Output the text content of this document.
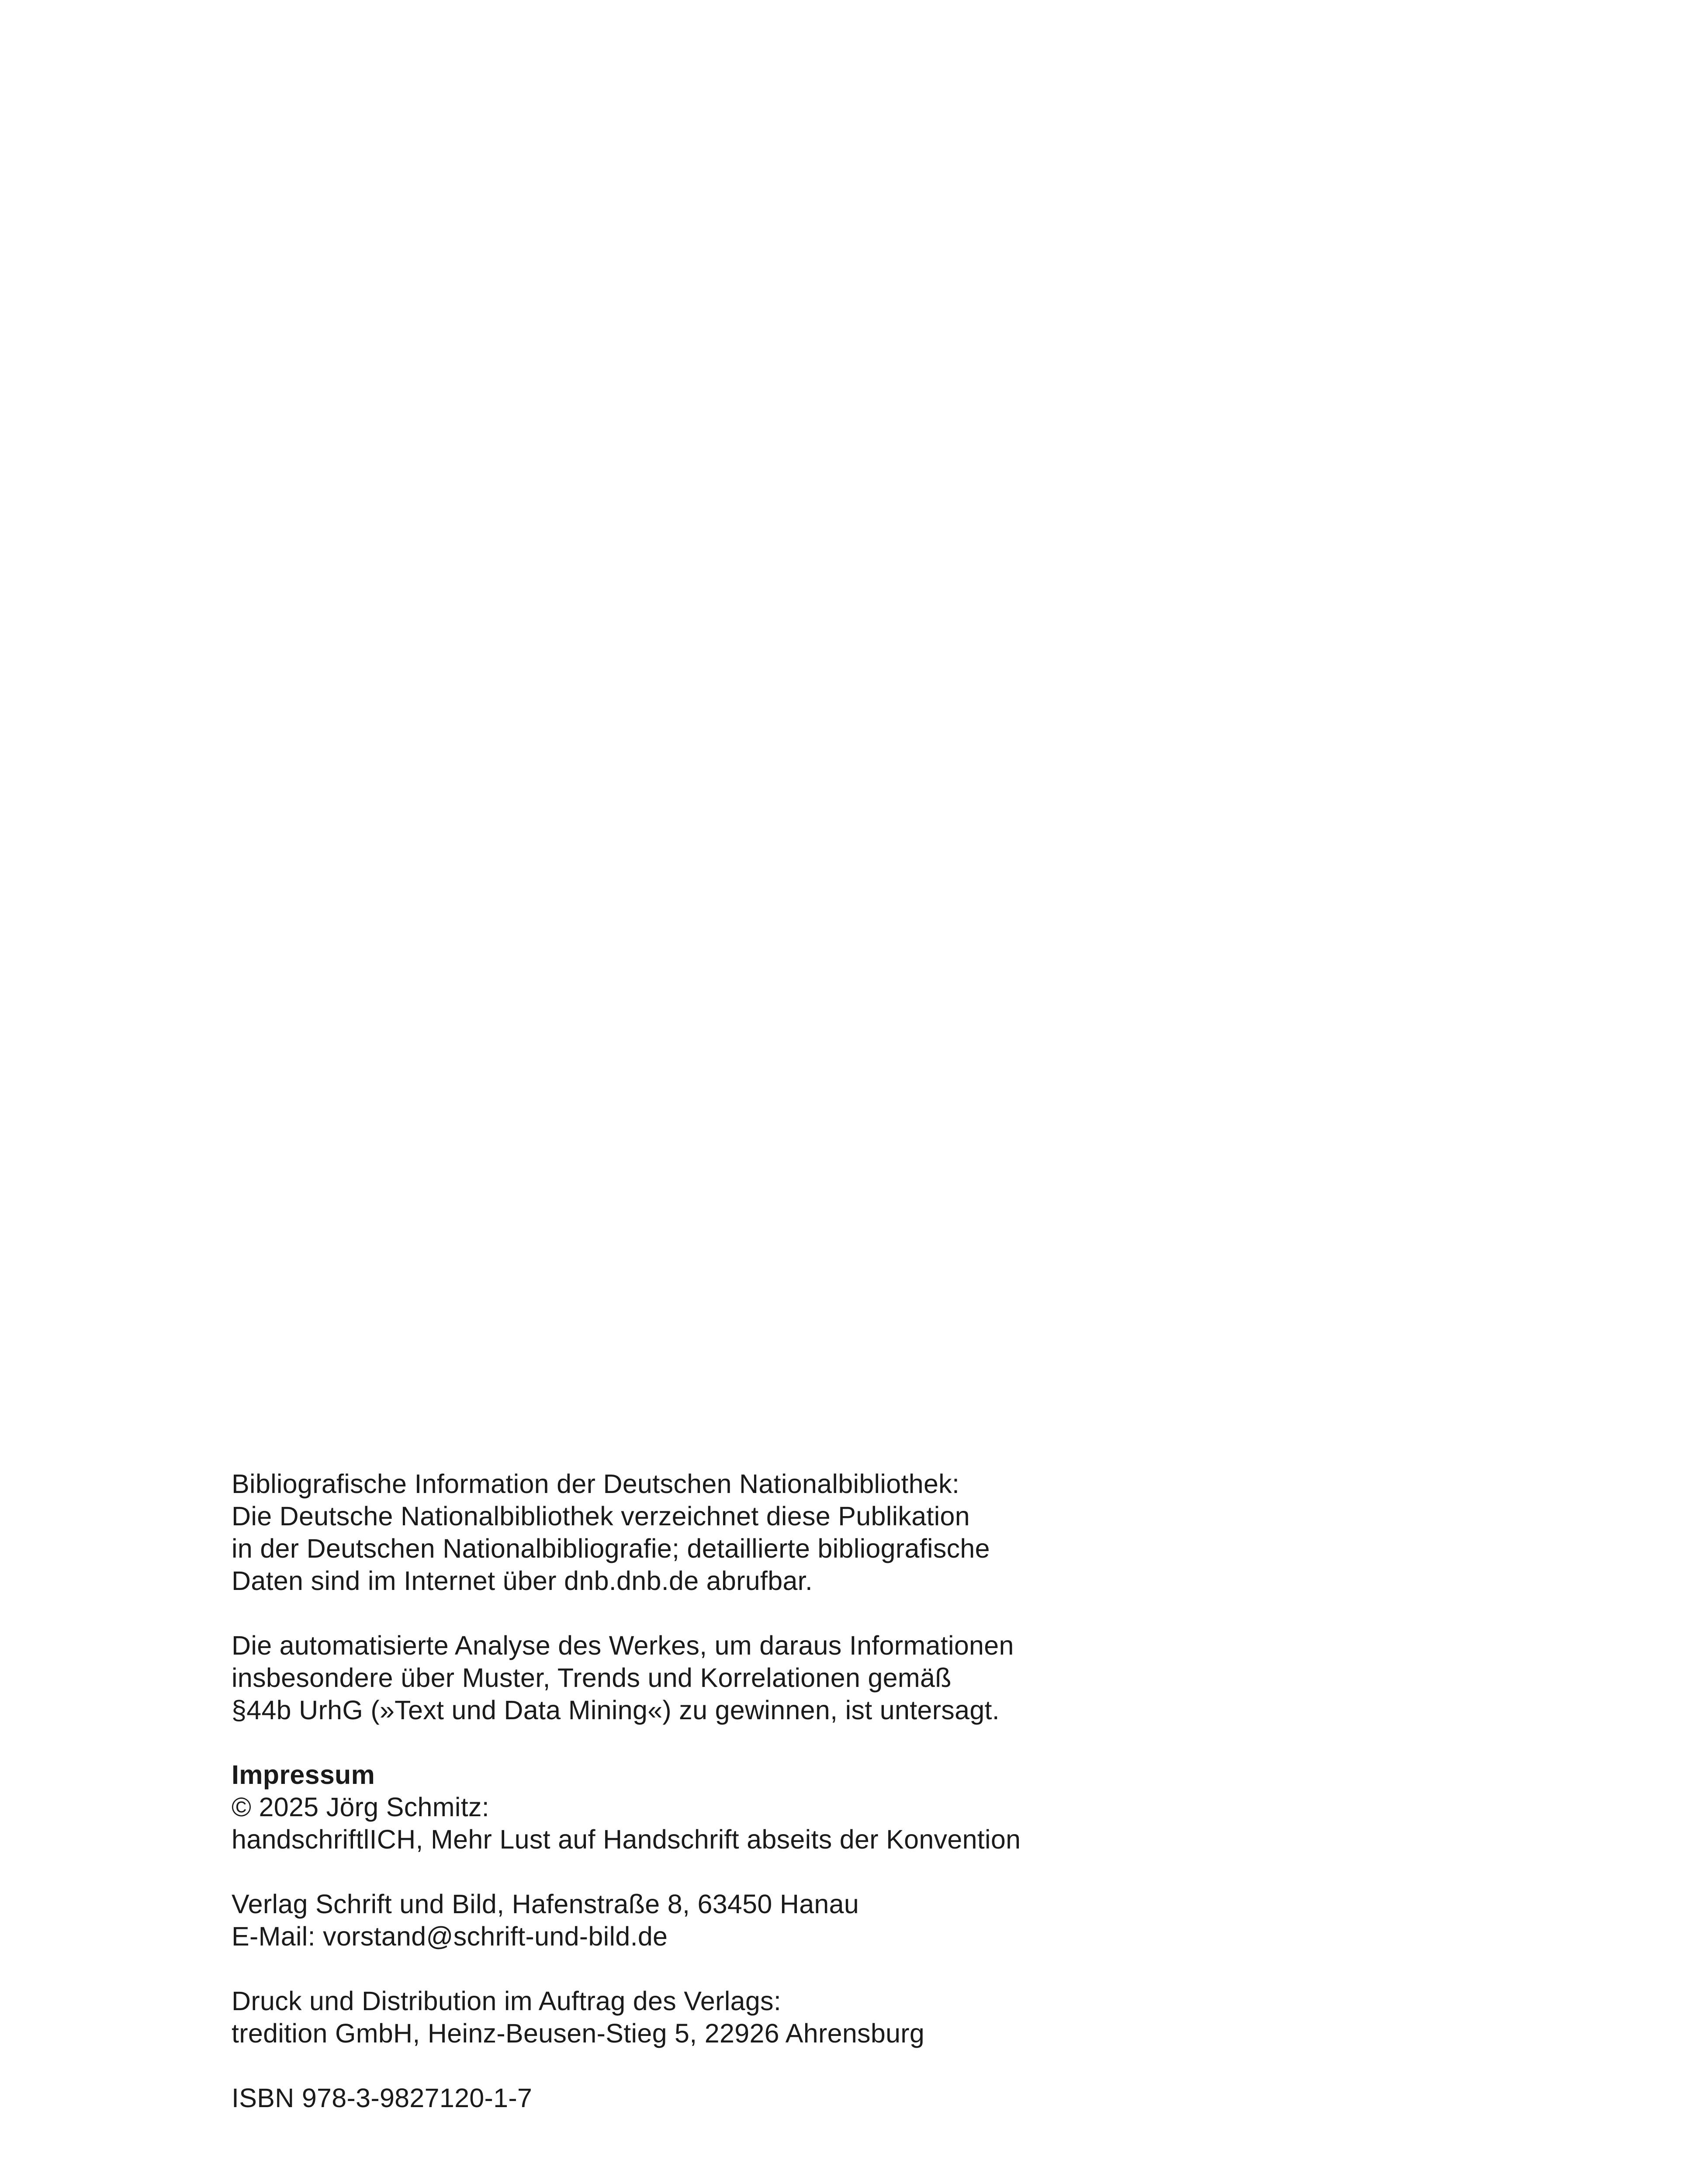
Bibliografische Information der Deutschen Nationalbibliothek:
Die Deutsche Nationalbibliothek verzeichnet diese Publikation
in der Deutschen Nationalbibliografie; detaillierte bibliografische
Daten sind im Internet über dnb.dnb.de abrufbar.
Die automatisierte Analyse des Werkes, um daraus Informationen
insbesondere über Muster, Trends und Korrelationen gemäß
§44b UrhG (»Text und Data Mining«) zu gewinnen, ist untersagt.
Impressum
© 2025 Jörg Schmitz:
handschriftlICH, Mehr Lust auf Handschrift abseits der Konvention
Verlag Schrift und Bild, Hafenstraße 8, 63450 Hanau
E-Mail: vorstand@schrift-und-bild.de
Druck und Distribution im Auftrag des Verlags:
tredition GmbH, Heinz-Beusen-Stieg 5, 22926 Ahrensburg
ISBN 978-3-9827120-1-7
